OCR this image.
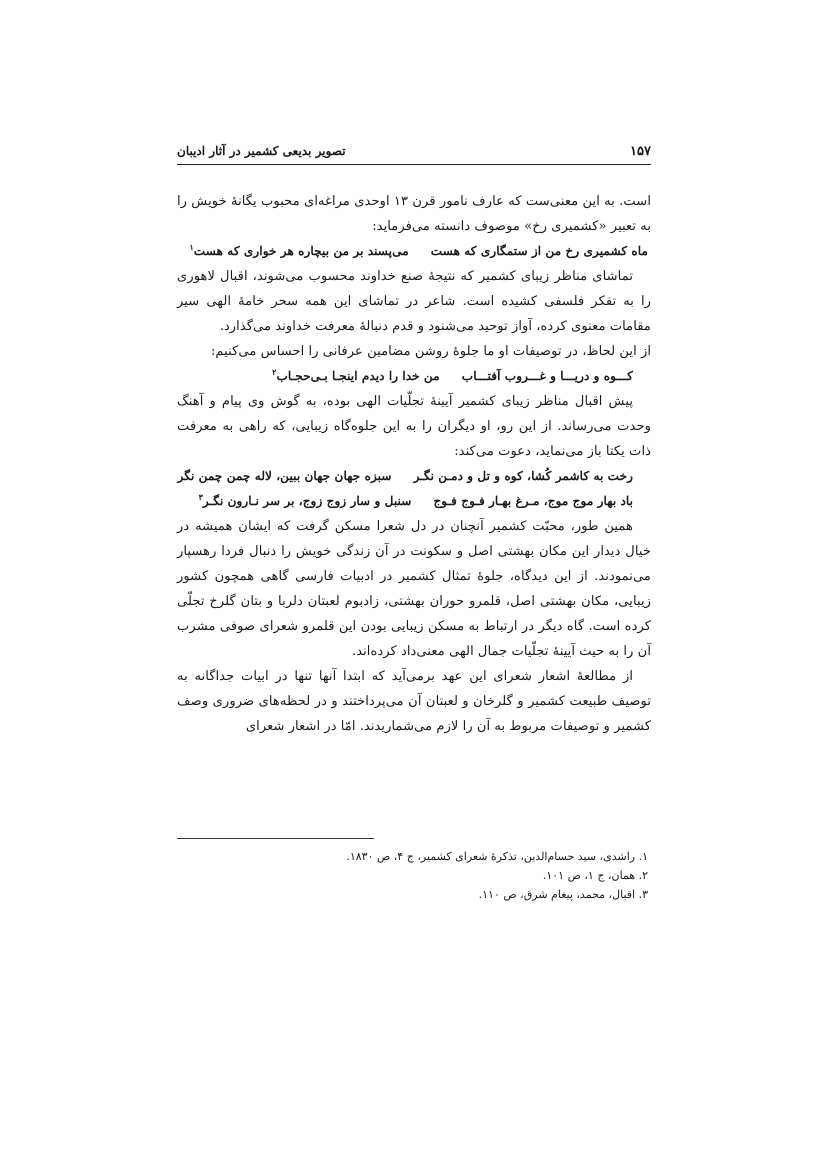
۱۵۷
تصویر بدیعی کشمیر در آثار ادیبان

است. به این معنی‌ست که عارف نامور قرن ۱۳ اوحدی مراغه‌ای محبوب یگانهٔ خویش را به تعبیر «کشمیری رخ» موصوف دانسته می‌فرماید:

ماه کشمیری رخ من از ستمگاری که هست
می‌پسند بر من بیچاره هر خواری که هست$^۱$

تماشای مناظر زیبای کشمیر که نتیجهٔ صنع خداوند محسوب می‌شوند، اقبال لاهوری را به تفکر فلسفی کشیده است. شاعر در تماشای این همه سحر خامهٔ الهی سیر مقامات معنوی کرده، آواز توحید می‌شنود و قدم دنبالهٔ معرفت خداوند می‌گذارد.

از این لحاظ، در توصیفات او ما جلوهٔ روشن مضامین عرفانی را احساس می‌کنیم:

کـــوه و دریـــا و غـــروب آفتـــاب
من خدا را دیدم اینجـا بـی‌حجـاب$^۲$

پیش اقبال مناظر زیبای کشمیر آیینهٔ تجلّیات الهی بوده، به گوش وی پیام و آهنگ وحدت می‌رساند. از این رو، او دیگران را به این جلوه‌گاه زیبایی، که راهی به معرفت ذات یکتا باز می‌نماید، دعوت می‌کند:

رخت به کاشمر کُشا، کوه و تل و دمـن نگـر
سبزه جهان جهان ببین، لاله چمن چمن نگر
باد بهار موج موج، مـرغ بهـار فـوج فـوج
سنبل و سار زوج زوج، بر سر نـارون نگـر$^۳$

همین طور، محبّت کشمیر آنچنان در دل شعرا مسکن گرفت که ایشان همیشه در خیال دیدار این مکان بهشتی اصل و سکونت در آن زندگی خویش را دنبال فردا رهسپار می‌نمودند. از این دیدگاه، جلوهٔ تمثال کشمیر در ادبیات فارسی گاهی همچون کشور زیبایی، مکان بهشتی اصل، قلمرو حوران بهشتی، زادبوم لعبتان دلربا و بتان گلرخ تجلّی کرده است. گاه دیگر در ارتباط به مسکن زیبایی بودن این قلمرو شعرای صوفی مشرب آن را به حیث آیینهٔ تجلّیات جمال الهی معنی‌داد کرده‌اند.

از مطالعهٔ اشعار شعرای این عهد برمی‌آید که ابتدا آنها تنها در ابیات جداگانه به توصیف طبیعت کشمیر و گلرخان و لعبتان آن می‌پرداختند و در لحظه‌های ضروری وصف کشمیر و توصیفات مربوط به آن را لازم می‌شماریدند. امّا در اشعار شعرای

۱. راشدی، سید حسام‌الدین، تذکرهٔ شعرای کشمیر، ج ۴، ص ۱۸۳۰.
۲. همان، ج ۱، ص ۱۰۱.
۳. اقبال، محمد، پیغام شرق، ص ۱۱۰.
